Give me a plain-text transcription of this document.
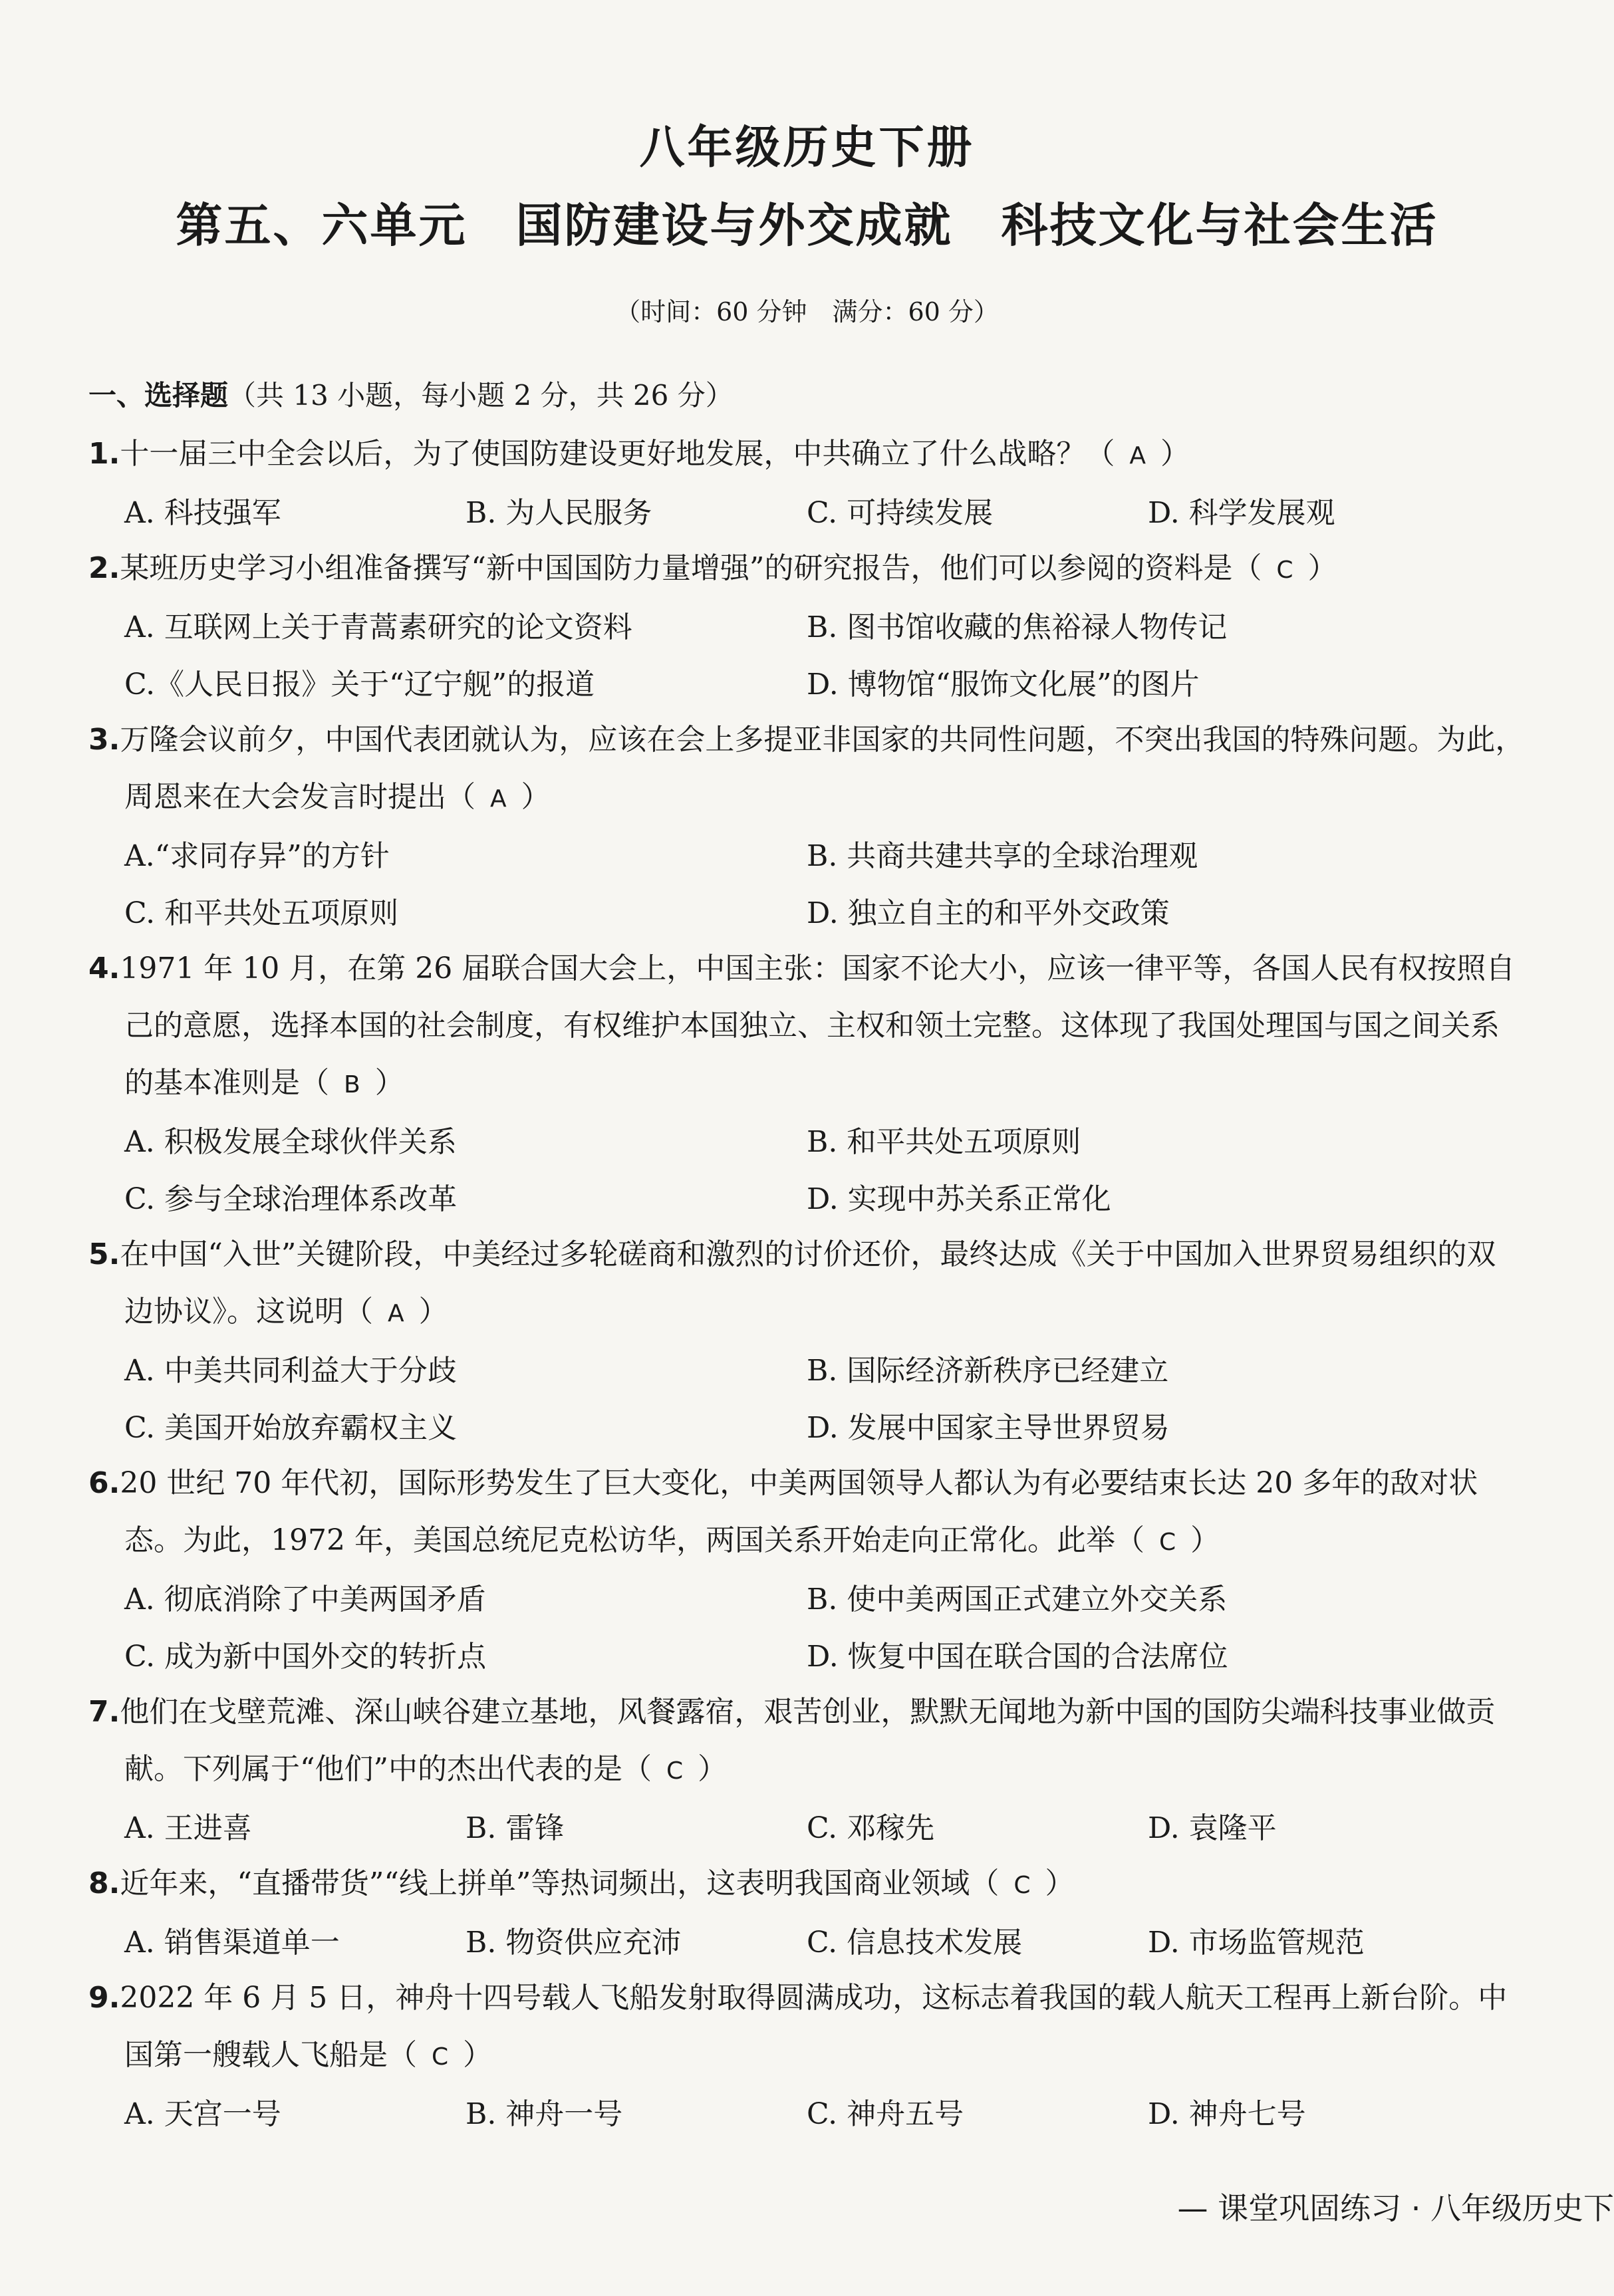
八年级历史下册
第五、六单元　国防建设与外交成就　科技文化与社会生活
（时间：60 分钟　满分：60 分）
一、选择题（共 13 小题，每小题 2 分，共 26 分）
1.十一届三中全会以后，为了使国防建设更好地发展，中共确立了什么战略？（ A ）
A. 科技强军	B. 为人民服务	C. 可持续发展	D. 科学发展观
2.某班历史学习小组准备撰写“新中国国防力量增强”的研究报告，他们可以参阅的资料是（ C ）
A. 互联网上关于青蒿素研究的论文资料	B. 图书馆收藏的焦裕禄人物传记
C.《人民日报》关于“辽宁舰”的报道	D. 博物馆“服饰文化展”的图片
3.万隆会议前夕，中国代表团就认为，应该在会上多提亚非国家的共同性问题，不突出我国的特殊问题。为此，周恩来在大会发言时提出（ A ）
A.“求同存异”的方针	B. 共商共建共享的全球治理观
C. 和平共处五项原则	D. 独立自主的和平外交政策
4.1971 年 10 月，在第 26 届联合国大会上，中国主张：国家不论大小，应该一律平等，各国人民有权按照自己的意愿，选择本国的社会制度，有权维护本国独立、主权和领土完整。这体现了我国处理国与国之间关系的基本准则是（ B ）
A. 积极发展全球伙伴关系	B. 和平共处五项原则
C. 参与全球治理体系改革	D. 实现中苏关系正常化
5.在中国“入世”关键阶段，中美经过多轮磋商和激烈的讨价还价，最终达成《关于中国加入世界贸易组织的双边协议》。这说明（ A ）
A. 中美共同利益大于分歧	B. 国际经济新秩序已经建立
C. 美国开始放弃霸权主义	D. 发展中国家主导世界贸易
6.20 世纪 70 年代初，国际形势发生了巨大变化，中美两国领导人都认为有必要结束长达 20 多年的敌对状态。为此，1972 年，美国总统尼克松访华，两国关系开始走向正常化。此举（ C ）
A. 彻底消除了中美两国矛盾	B. 使中美两国正式建立外交关系
C. 成为新中国外交的转折点	D. 恢复中国在联合国的合法席位
7.他们在戈壁荒滩、深山峡谷建立基地，风餐露宿，艰苦创业，默默无闻地为新中国的国防尖端科技事业做贡献。下列属于“他们”中的杰出代表的是（ C ）
A. 王进喜	B. 雷锋	C. 邓稼先	D. 袁隆平
8.近年来，“直播带货”“线上拼单”等热词频出，这表明我国商业领域（ C ）
A. 销售渠道单一	B. 物资供应充沛	C. 信息技术发展	D. 市场监管规范
9.2022 年 6 月 5 日，神舟十四号载人飞船发射取得圆满成功，这标志着我国的载人航天工程再上新台阶。中国第一艘载人飞船是（ C ）
A. 天宫一号	B. 神舟一号	C. 神舟五号	D. 神舟七号
— 课堂巩固练习 · 八年级历史下
